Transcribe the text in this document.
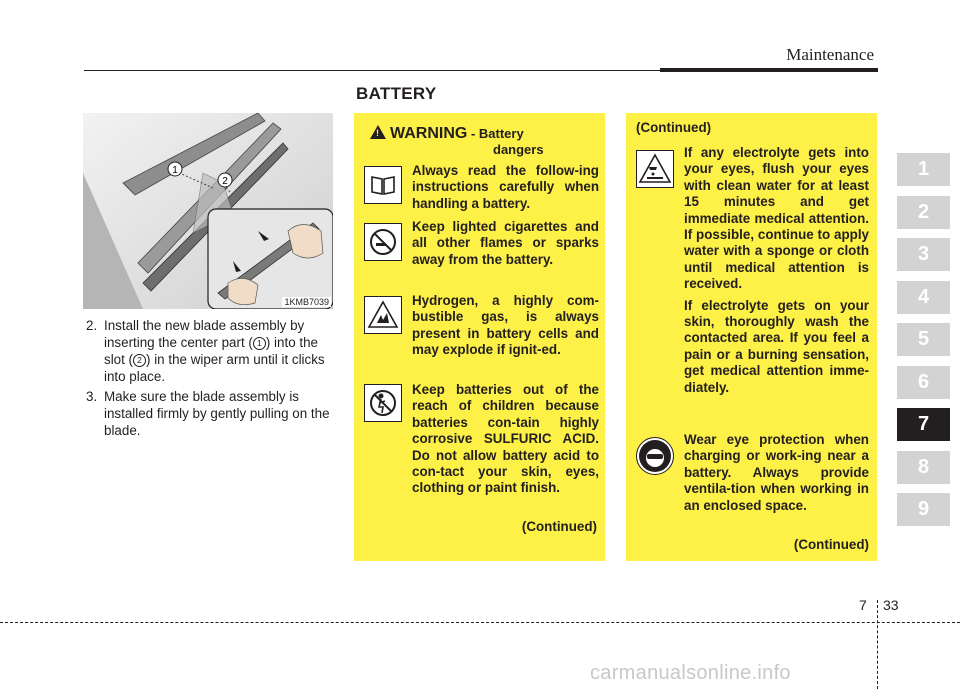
Maintenance
BATTERY
1
2
1KMB7039
2. Install the new blade assembly by inserting the center part ( 1 ) into the slot ( 2 ) in the wiper arm until it clicks into place.
3. Make sure the blade assembly is installed firmly by gently pulling on the blade.
!WARNING - Battery
dangers
Always read the follow-ing instructions carefully when handling a battery.
Keep lighted cigarettes and all other flames or sparks away from the battery.
Hydrogen, a highly com-bustible gas, is always present in battery cells and may explode if ignit-ed.
Keep batteries out of the reach of children because batteries con-tain highly corrosive SULFURIC ACID. Do not allow battery acid to con-tact your skin, eyes, clothing or paint finish.
(Continued)
(Continued)
If any electrolyte gets into your eyes, flush your eyes with clean water for at least 15 minutes and get immediate medical attention. If possible, continue to apply water with a sponge or cloth until medical attention is received.
If electrolyte gets on your skin, thoroughly wash the contacted area. If you feel a pain or a burning sensation, get medical attention imme-diately.
Wear eye protection when charging or work-ing near a battery. Always provide ventila-tion when working in an enclosed space.
(Continued)
1
2
3
4
5
6
7
8
9
7 33
carmanualsonline.info
